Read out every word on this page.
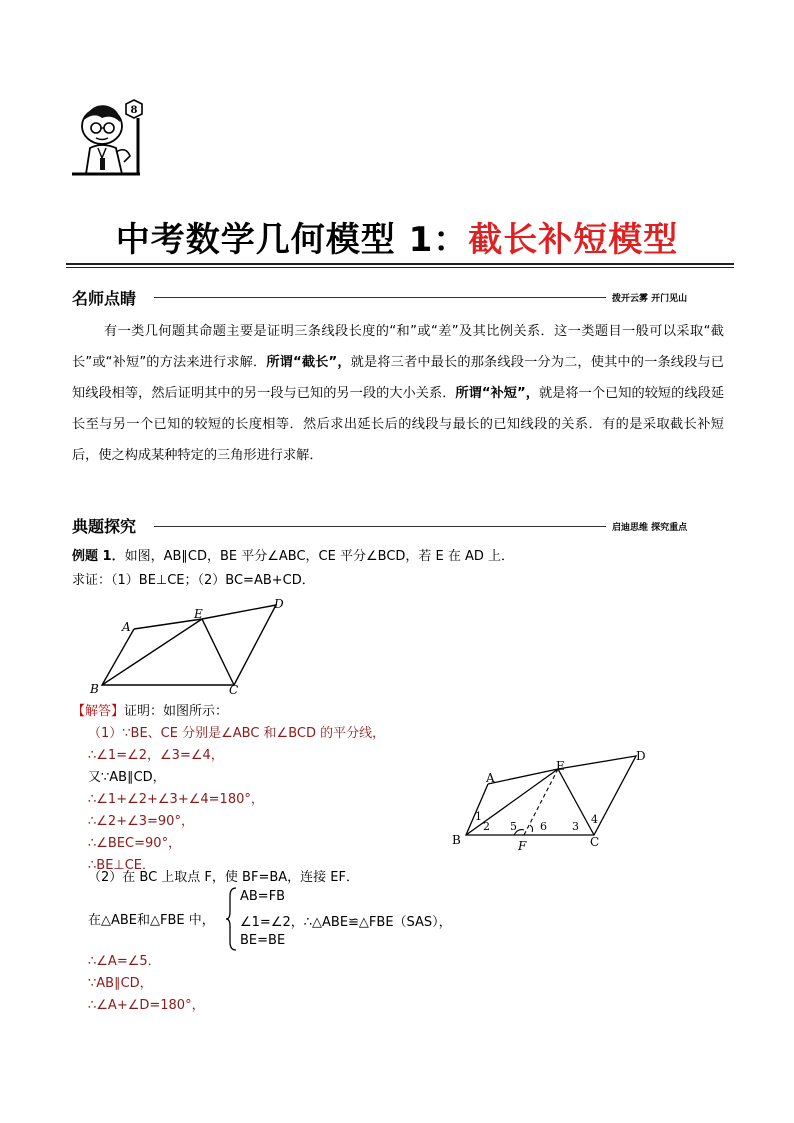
8
中考数学几何模型 1：截长补短模型
名师点睛	拨开云雾 开门见山
有一类几何题其命题主要是证明三条线段长度的“和”或“差”及其比例关系．这一类题目一般可以采取“截长”或“补短”的方法来进行求解．所谓“截长”，就是将三者中最长的那条线段一分为二，使其中的一条线段与已知线段相等，然后证明其中的另一段与已知的另一段的大小关系．所谓“补短”，就是将一个已知的较短的线段延长至与另一个已知的较短的长度相等．然后求出延长后的线段与最长的已知线段的关系．有的是采取截长补短后，使之构成某种特定的三角形进行求解．
典题探究	启迪思维 探究重点
例题 1．如图，AB∥CD，BE 平分∠ABC，CE 平分∠BCD，若 E 在 AD 上．
求证：（1）BE⊥CE；（2）BC=AB+CD．
A
E
D
B	C
【解答】证明：如图所示：
（1）∵BE、CE 分别是∠ABC 和∠BCD 的平分线，
∴∠1=∠2，∠3=∠4，
又∵AB∥CD，
∴∠1+∠2+∠3+∠4=180°，
∴∠2+∠3=90°，
∴∠BEC=90°，
∴BE⊥CE．
（2）在 BC 上取点 F，使 BF=BA，连接 EF．
在△ABE和△FBE 中，
AB=FB
∠1=∠2，∴△ABE≌△FBE（SAS），
BE=BE
∴∠A=∠5．
∵AB∥CD，
∴∠A+∠D=180°，
A
E
D
B	C
F
1
2	3
4
5 6
